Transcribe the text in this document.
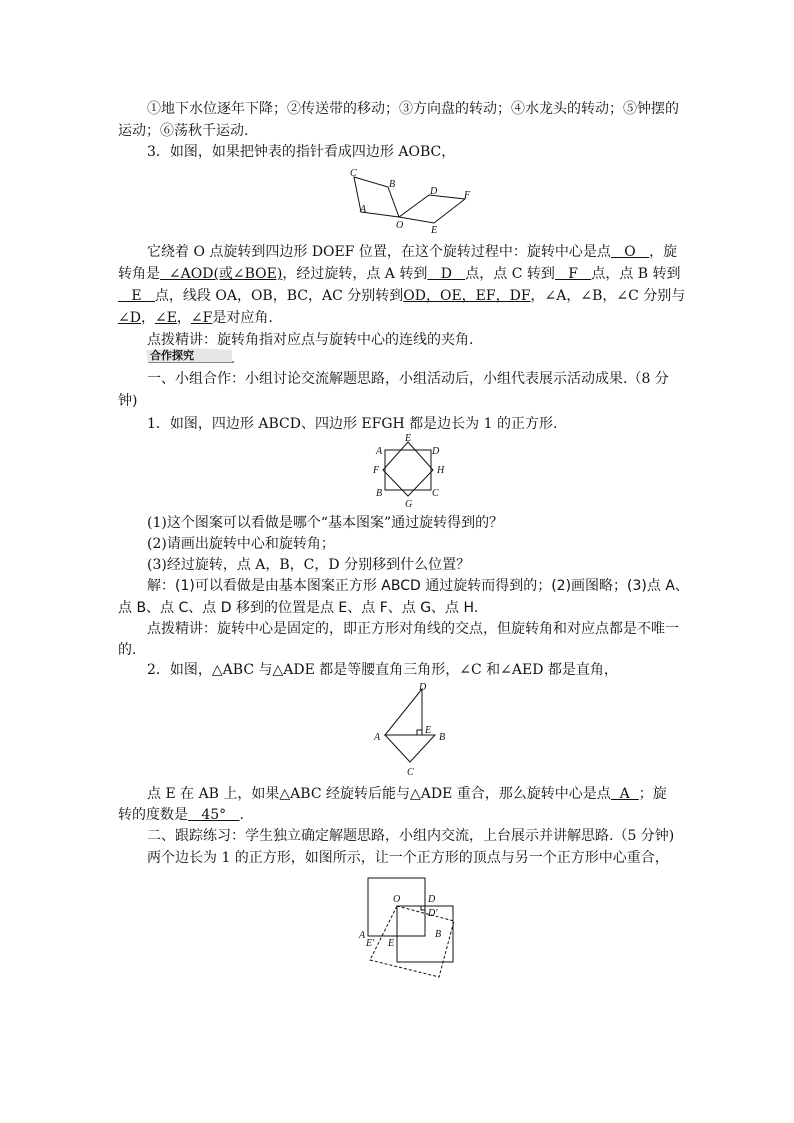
①地下水位逐年下降；②传送带的移动；③方向盘的转动；④水龙头的转动；⑤钟摆的
运动；⑥荡秋千运动.
3．如图，如果把钟表的指针看成四边形 AOBC，
C
B
A
O
D	F
E
它绕着 O 点旋转到四边形 DOEF 位置，在这个旋转过程中：旋转中心是点   O   ，旋
转角是  ∠AOD(或∠BOE)，经过旋转，点 A 转到   D   点，点 C 转到   F   点，点 B 转到
E   点，线段 OA，OB，BC，AC 分别转到OD，OE，EF，DF，∠A，∠B，∠C 分别与
∠D，∠E，∠F是对应角.
点拨精讲：旋转角指对应点与旋转中心的连线的夹角.
合作探究
一、小组合作：小组讨论交流解题思路，小组活动后，小组代表展示活动成果.（8 分
钟)
1．如图，四边形 ABCD、四边形 EFGH 都是边长为 1 的正方形.
E
A	D
F	H
B
G
C
(1)这个图案可以看做是哪个“基本图案”通过旋转得到的？
(2)请画出旋转中心和旋转角；
(3)经过旋转，点 A，B，C，D 分别移到什么位置？
解：(1)可以看做是由基本图案正方形 ABCD 通过旋转而得到的；(2)画图略；(3)点 A、
点 B、点 C、点 D 移到的位置是点 E、点 F、点 G、点 H.
点拨精讲：旋转中心是固定的，即正方形对角线的交点，但旋转角和对应点都是不唯一
的.
2．如图，△ABC 与△ADE 都是等腰直角三角形，∠C 和∠AED 都是直角，
D
A
E
B
C
点 E 在 AB 上，如果△ABC 经旋转后能与△ADE 重合，那么旋转中心是点  A  ；旋
转的度数是   45°   .
二、跟踪练习：学生独立确定解题思路，小组内交流，上台展示并讲解思路.（5 分钟)
两个边长为 1 的正方形，如图所示，让一个正方形的顶点与另一个正方形中心重合，
O	D
D′
A
E′ E
B
